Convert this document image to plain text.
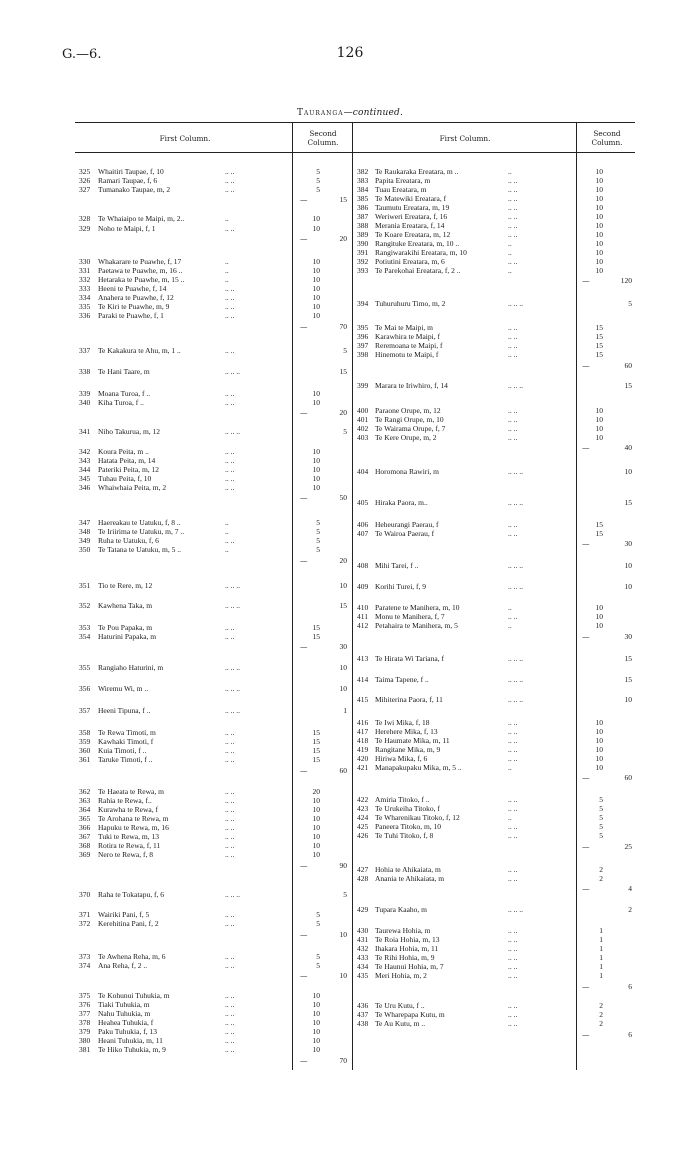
G.—6.	126
Tauranga—continued.
First Column.
Second Column.	First Column.
Second Column.
325 Whaitiri Taupae, f, 10	.. ..	5
326 Ramari Taupae, f, 6	.. ..	5
327 Tumanako Taupae, m, 2	.. ..	5
—	15
328 Te Whaiaipo te Maipi, m, 2..	..	10
329 Noho te Maipi, f, 1	.. ..	10
—	20
330 Whakarare te Puawhe, f, 17	..	10
331 Paetawa te Puawhe, m, 16 ..	..	10
332 Hetaraka te Puawhe, m, 15 ..	..	10
333 Heeni te Puawhe, f, 14	.. ..	10
334 Anahera te Puawhe, f, 12	.. ..	10
335 Te Kiri te Puawhe, m, 9	.. ..	10
336 Paraki te Puawhe, f, 1	.. ..	10
—	70
337 Te Kakakura te Ahu, m, 1 ..	.. ..	5
338 Te Hani Taare, m	.. .. ..	15
339 Moana Turoa, f ..	.. ..	10
340 Kiha Turoa, f ..	.. ..	10
—	20
341 Niho Takurua, m, 12	.. .. ..	5
342 Koura Peita, m ..	.. ..	10
343 Hatata Peita, m, 14	.. ..	10
344 Pateriki Peita, m, 12	.. ..	10
345 Tuhau Peita, f, 10	.. ..	10
346 Whaiwhaia Peita, m, 2	.. ..	10
—	50
347 Haereakau te Uatuku, f, 8 ..	..	5
348 Te Iriirima te Uatuku, m, 7 ..	..	5
349 Ruha te Uatuku, f, 6	.. ..	5
350 Te Tatana te Uatuku, m, 5 ..	..	5
—	20
351 Tio te Rere, m, 12	.. .. ..	10
352 Kawhena Taka, m	.. .. ..	15
353 Te Pou Papaka, m	.. ..	15
354 Haturini Papaka, m	.. ..	15
—	30
355 Rangiaho Haturini, m	.. .. ..	10
356 Wiremu Wi, m ..	.. .. ..	10
357 Heeni Tipuna, f ..	.. .. ..	1
358 Te Rewa Timoti, m	.. ..	15
359 Kawhaki Timoti, f	.. ..	15
360 Kuia Timoti, f ..	.. ..	15
361 Taruke Timoti, f ..	.. ..	15
—	60
362 Te Haeata te Rewa, m	.. ..	20
363 Rahia te Rewa, f..	.. ..	10
364 Kurawha te Rewa, f	.. ..	10
365 Te Arohana te Rewa, m	.. ..	10
366 Hapuku te Rewa, m, 16	.. ..	10
367 Tuki te Rewa, m, 13	.. ..	10
368 Rotira te Rewa, f, 11	.. ..	10
369 Nero te Rewa, f, 8	.. ..	10
—	90
370 Raha te Tokatapu, f, 6	.. .. ..	5
371 Wairiki Pani, f, 5	.. ..	5
372 Kerehitina Pani, f, 2	.. ..	5
—	10
373 Te Awhena Reha, m, 6	.. ..	5
374 Ana Reha, f, 2 ..	.. ..	5
—	10
375 Te Kohunui Tuhukia, m	.. ..	10
376 Tiaki Tuhukia, m	.. ..	10
377 Nahu Tuhukia, m	.. ..	10
378 Heahea Tuhukia, f	.. ..	10
379 Paku Tuhukia, f, 13	.. ..	10
380 Heani Tuhukia, m, 11	.. ..	10
381 Te Hiko Tuhukia, m, 9	.. ..	10
—	70
382 Te Raukaraka Ereatara, m ..	..	10
383 Papita Ereatara, m	.. ..	10
384 Tuau Ereatara, m	.. ..	10
385 Te Matewiki Ereatara, f	.. ..	10
386 Taumutu Ereatara, m, 19	.. ..	10
387 Weriweri Ereatara, f, 16	.. ..	10
388 Merania Ereatara, f, 14	.. ..	10
389 Te Koare Ereatara, m, 12	.. ..	10
390 Rangituke Ereatara, m, 10 ..	..	10
391 Rangiwarakihi Ereatara, m, 10	..	10
392 Potiutini Ereatara, m, 6	.. ..	10
393 Te Parekohai Ereatara, f, 2 ..	..	10
—	120
394 Tuhuruhuru Timo, m, 2	.. .. ..	5
395 Te Mai te Maipi, m	.. ..	15
396 Karawhira te Maipi, f	.. ..	15
397 Reremoana te Maipi, f	.. ..	15
398 Hinemotu te Maipi, f	.. ..	15
—	60
399 Marara te Iriwhiro, f, 14	.. .. ..	15
400 Paraone Orupe, m, 12	.. ..	10
401 Te Rangi Orupe, m, 10	.. ..	10
402 Te Wairama Orupe, f, 7	.. ..	10
403 Te Kere Orupe, m, 2	.. ..	10
—	40
404 Horomona Rawiri, m	.. .. ..	10
405 Hiraka Paora, m..	.. .. ..	15
406 Heheurangi Paerau, f	.. ..	15
407 Te Wairoa Paerau, f	.. ..	15
—	30
408 Mihi Tarei, f ..	.. .. ..	10
409 Korihi Turei, f, 9	.. .. ..	10
410 Paratene te Manihera, m, 10	..	10
411 Monu te Manihera, f, 7	.. ..	10
412 Petahaira te Manihera, m, 5	..	10
—	30
413 Te Hirata Wi Tariana, f	.. .. ..	15
414 Taima Tapene, f ..	.. .. ..	15
415 Mihiterina Paora, f, 11	.. .. ..	10
416 Te Iwi Mika, f, 18	.. ..	10
417 Herehere Mika, f, 13	.. ..	10
418 Te Haumate Mika, m, 11	.. ..	10
419 Rangitane Mika, m, 9	.. ..	10
420 Hiriwa Mika, f, 6	.. ..	10
421 Manapakupaku Mika, m, 5 ..	..	10
—	60
422 Amiria Titoko, f ..	.. ..	5
423 Te Urukeiha Titoko, f	.. ..	5
424 Te Wharenikau Titoko, f, 12	..	5
425 Paneera Titoko, m, 10	.. ..	5
426 Te Tuhi Titoko, f, 8	.. ..	5
—	25
427 Hohia te Ahikaiata, m	.. ..	2
428 Anania te Ahikaiata, m	.. ..	2
—	4
429 Tupara Kaaho, m	.. .. ..	2
430 Taurewa Hohia, m	.. ..	1
431 Te Roia Hohia, m, 13	.. ..	1
432 Ihakara Hohia, m, 11	.. ..	1
433 Te Rihi Hohia, m, 9	.. ..	1
434 Te Haunui Hohia, m, 7	.. ..	1
435 Meri Hohia, m, 2	.. ..	1
—	6
436 Te Uru Kutu, f ..	.. ..	2
437 Te Wharepapa Kutu, m	.. ..	2
438 Te Au Kutu, m ..	.. ..	2
—	6
